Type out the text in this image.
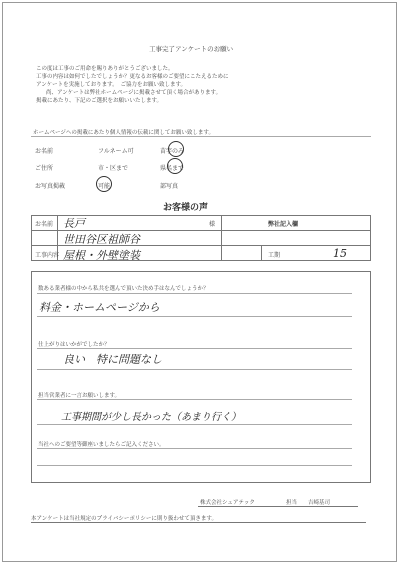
工事完了アンケートのお願い
この度は工事のご用命を賜りありがとうございました。
工事の内容は如何でしたでしょうか？更なるお客様のご要望にこたえるために
アンケートを実施しております。　ご協力をお願い致します。
尚、アンケートは弊社ホームページに掲載させて頂く場合があります。
掲載にあたり、下記のご選択をお願いいたします。
ホームページへの掲載にあたり個人情報の伝載に関してお願い致します。
お名前	フルネーム可	苗字のみ
ご住所	市・区まで	県名まで
お写真掲載	可能	部写真
お客様の声
お名前 長戸	様	弊社記入欄
世田谷区祖師谷
工事内容 屋根・外壁塗装	工期	15
数ある業者様の中から私共を選んで頂いた決め手はなんでしょうか？
料金・ホームページから
仕上がりはいかがでしたか？
良い　特に問題なし
担当営業者に一言お願いします。
工事期間が少し長かった（あまり行く）
当社へのご要望等御座いましたらご記入ください。
株式会社シェアテック	担当 吉崎基司
本アンケートは当社規定のプライバシーポリシーに則り扱わせて頂きます。
